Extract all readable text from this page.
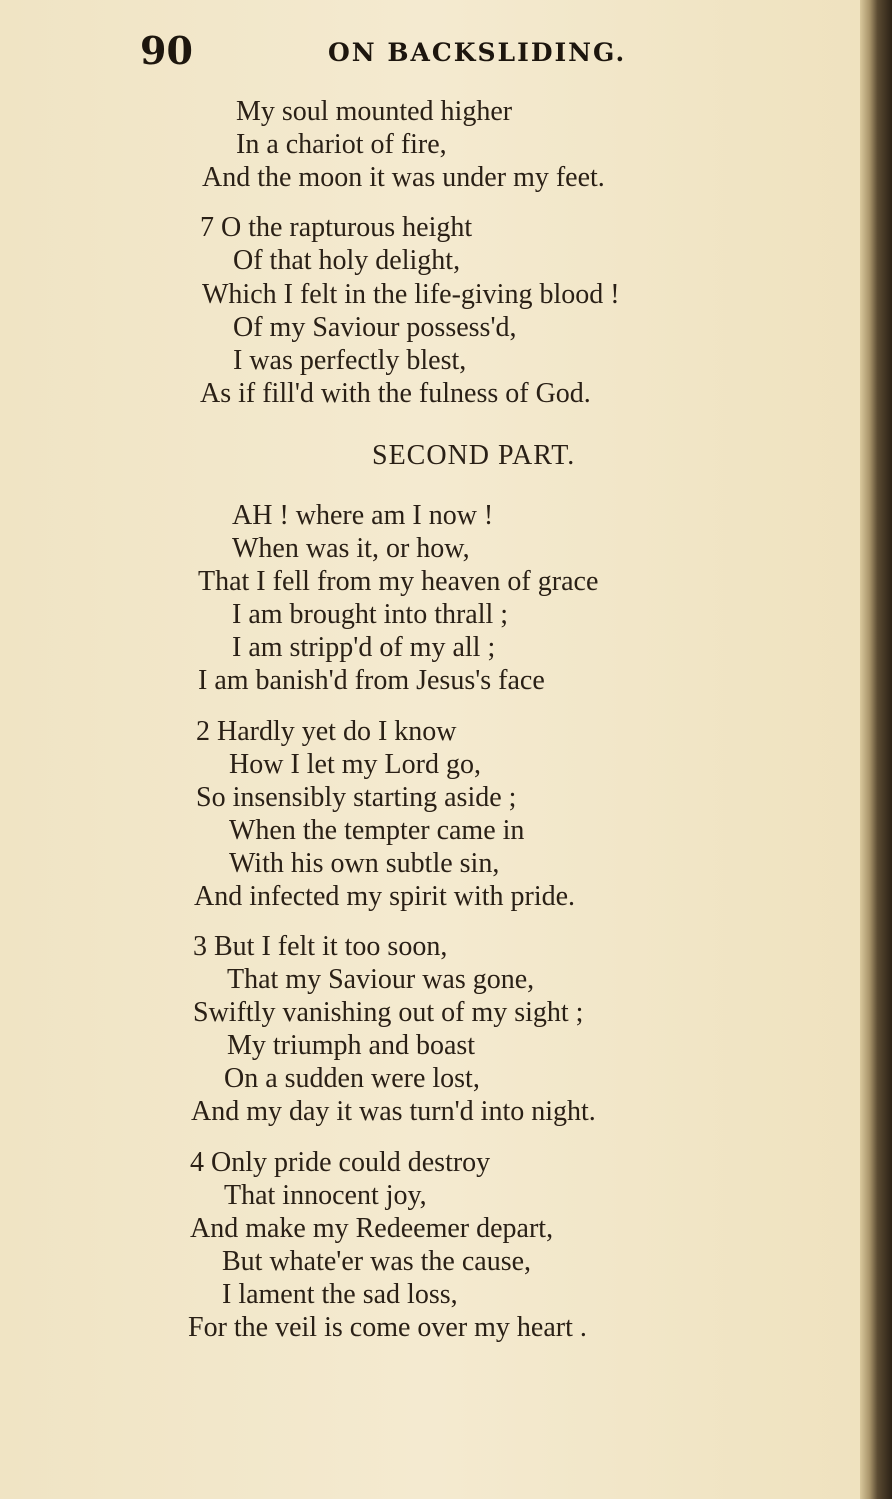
90	ON BACKSLIDING.
My soul mounted higher
In a chariot of fire,
And the moon it was under my feet.
7 O the rapturous height
Of that holy delight,
Which I felt in the life-giving blood !
Of my Saviour possess'd,
I was perfectly blest,
As if fill'd with the fulness of God.
SECOND PART.
AH ! where am I now !
When was it, or how,
That I fell from my heaven of grace
I am brought into thrall ;
I am stripp'd of my all ;
I am banish'd from Jesus's face
2 Hardly yet do I know
How I let my Lord go,
So insensibly starting aside ;
When the tempter came in
With his own subtle sin,
And infected my spirit with pride.
3 But I felt it too soon,
That my Saviour was gone,
Swiftly vanishing out of my sight ;
My triumph and boast
On a sudden were lost,
And my day it was turn'd into night.
4 Only pride could destroy
That innocent joy,
And make my Redeemer depart,
But whate'er was the cause,
I lament the sad loss,
For the veil is come over my heart .
